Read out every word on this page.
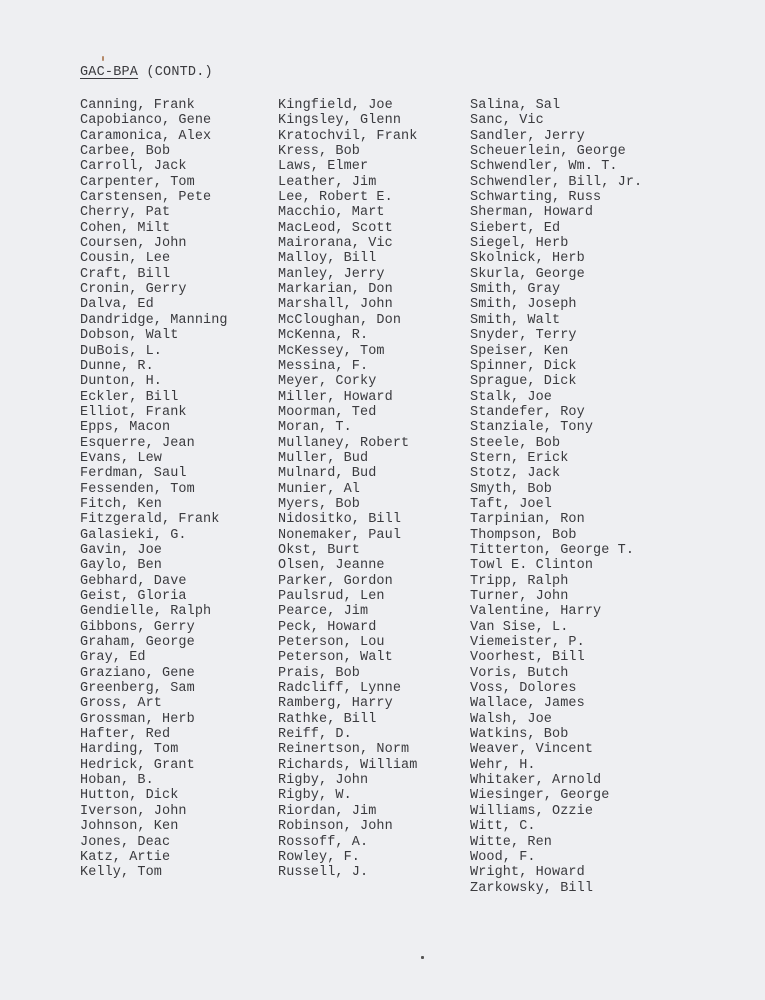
GAC-BPA (CONTD.)
Canning, Frank
Capobianco, Gene
Caramonica, Alex
Carbee, Bob
Carroll, Jack
Carpenter, Tom
Carstensen, Pete
Cherry, Pat
Cohen, Milt
Coursen, John
Cousin, Lee
Craft, Bill
Cronin, Gerry
Dalva, Ed
Dandridge, Manning
Dobson, Walt
DuBois, L.
Dunne, R.
Dunton, H.
Eckler, Bill
Elliot, Frank
Epps, Macon
Esquerre, Jean
Evans, Lew
Ferdman, Saul
Fessenden, Tom
Fitch, Ken
Fitzgerald, Frank
Galasieki, G.
Gavin, Joe
Gaylo, Ben
Gebhard, Dave
Geist, Gloria
Gendielle, Ralph
Gibbons, Gerry
Graham, George
Gray, Ed
Graziano, Gene
Greenberg, Sam
Gross, Art
Grossman, Herb
Hafter, Red
Harding, Tom
Hedrick, Grant
Hoban, B.
Hutton, Dick
Iverson, John
Johnson, Ken
Jones, Deac
Katz, Artie
Kelly, Tom
Kingfield, Joe
Kingsley, Glenn
Kratochvil, Frank
Kress, Bob
Laws, Elmer
Leather, Jim
Lee, Robert E.
Macchio, Mart
MacLeod, Scott
Mairorana, Vic
Malloy, Bill
Manley, Jerry
Markarian, Don
Marshall, John
McCloughan, Don
McKenna, R.
McKessey, Tom
Messina, F.
Meyer, Corky
Miller, Howard
Moorman, Ted
Moran, T.
Mullaney, Robert
Muller, Bud
Mulnard, Bud
Munier, Al
Myers, Bob
Nidositko, Bill
Nonemaker, Paul
Okst, Burt
Olsen, Jeanne
Parker, Gordon
Paulsrud, Len
Pearce, Jim
Peck, Howard
Peterson, Lou
Peterson, Walt
Prais, Bob
Radcliff, Lynne
Ramberg, Harry
Rathke, Bill
Reiff, D.
Reinertson, Norm
Richards, William
Rigby, John
Rigby, W.
Riordan, Jim
Robinson, John
Rossoff, A.
Rowley, F.
Russell, J.
Salina, Sal
Sanc, Vic
Sandler, Jerry
Scheuerlein, George
Schwendler, Wm. T.
Schwendler, Bill, Jr.
Schwarting, Russ
Sherman, Howard
Siebert, Ed
Siegel, Herb
Skolnick, Herb
Skurla, George
Smith, Gray
Smith, Joseph
Smith, Walt
Snyder, Terry
Speiser, Ken
Spinner, Dick
Sprague, Dick
Stalk, Joe
Standefer, Roy
Stanziale, Tony
Steele, Bob
Stern, Erick
Stotz, Jack
Smyth, Bob
Taft, Joel
Tarpinian, Ron
Thompson, Bob
Titterton, George T.
Towl E. Clinton
Tripp, Ralph
Turner, John
Valentine, Harry
Van Sise, L.
Viemeister, P.
Voorhest, Bill
Voris, Butch
Voss, Dolores
Wallace, James
Walsh, Joe
Watkins, Bob
Weaver, Vincent
Wehr, H.
Whitaker, Arnold
Wiesinger, George
Williams, Ozzie
Witt, C.
Witte, Ren
Wood, F.
Wright, Howard
Zarkowsky, Bill
